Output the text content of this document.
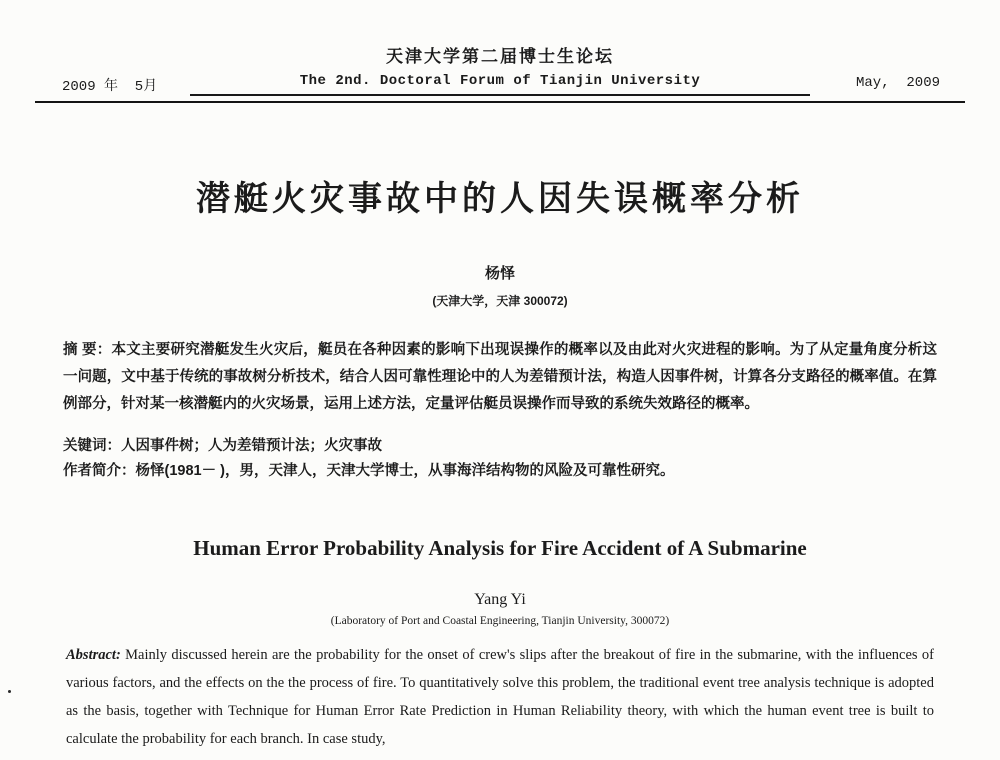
天津大学第二届博士生论坛
2009 年  5月	The 2nd. Doctoral Forum of Tianjin University	May,  2009
潜艇火灾事故中的人因失误概率分析
杨怿
(天津大学，天津 300072)

摘 要：本文主要研究潜艇发生火灾后，艇员在各种因素的影响下出现误操作的概率以及由此对火灾进程的影响。为了从定量角度分析这一问题，文中基于传统的事故树分析技术，结合人因可靠性理论中的人为差错预计法，构造人因事件树，计算各分支路径的概率值。在算例部分，针对某一核潜艇内的火灾场景，运用上述方法，定量评估艇员误操作而导致的系统失效路径的概率。

关键词：人因事件树；人为差错预计法；火灾事故

作者简介：杨怿(1981－ )，男，天津人，天津大学博士，从事海洋结构物的风险及可靠性研究。

Human Error Probability Analysis for Fire Accident of A Submarine
Yang Yi
(Laboratory of Port and Coastal Engineering, Tianjin University, 300072)

Abstract: Mainly discussed herein are the probability for the onset of crew's slips after the breakout of fire in the submarine, with the influences of various factors, and the effects on the the process of fire. To quantitatively solve this problem, the traditional event tree analysis technique is adopted as the basis, together with Technique for Human Error Rate Prediction in Human Reliability theory, with which the human event tree is built to calculate the probability for each branch. In case study,
